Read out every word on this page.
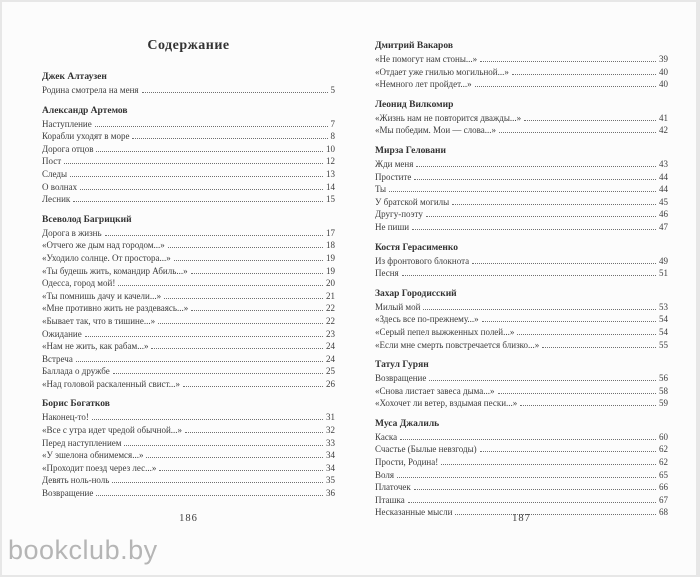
Содержание
Джек Алтаузен
Родина смотрела на меня	5
Александр Артемов
Наступление	7
Корабли уходят в море	8
Дорога отцов	10
Пост	12
Следы	13
О волнах	14
Лесник	15
Всеволод Багрицкий
Дорога в жизнь	17
«Отчего же дым над городом...»	18
«Уходило солнце. От простора...»	19
«Ты будешь жить, командир Абиль...»	19
Одесса, город мой!	20
«Ты помнишь дачу и качели...»	21
«Мне противно жить не раздеваясь...»	22
«Бывает так, что в тишине...»	22
Ожидание	23
«Нам не жить, как рабам...»	24
Встреча	24
Баллада о дружбе	25
«Над головой раскаленный свист...»	26
Борис Богатков
Наконец-то!	31
«Все с утра идет чредой обычной...»	32
Перед наступлением	33
«У эшелона обнимемся...»	34
«Проходит поезд через лес...»	34
Девять ноль-ноль	35
Возвращение	36
Дмитрий Вакаров
«Не помогут нам стоны...»	39
«Отдает уже гнилью могильной...»	40
«Немного лет пройдет...»	40
Леонид Вилкомир
«Жизнь нам не повторится дважды...»	41
«Мы победим. Мои — слова...»	42
Мирза Геловани
Жди меня	43
Простите	44
Ты	44
У братской могилы	45
Другу-поэту	46
Не пиши	47
Костя Герасименко
Из фронтового блокнота	49
Песня	51
Захар Городисский
Милый мой	53
«Здесь все по-прежнему...»	54
«Серый пепел выжженных полей...»	54
«Если мне смерть повстречается близко...»	55
Татул Гурян
Возвращение	56
«Снова листает завеса дыма...»	58
«Хохочет ли ветер, вздымая пески...»	59
Муса Джалиль
Каска	60
Счастье (Былые невзгоды)	62
Прости, Родина!	62
Воля	65
Платочек	66
Пташка	67
Несказанные мысли	68
186	187
bookclub.by
